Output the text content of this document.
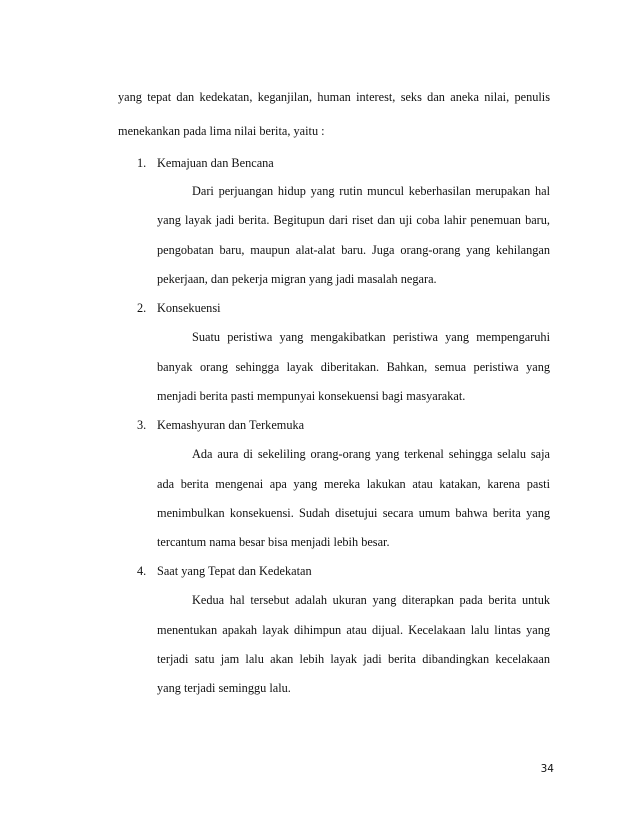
yang tepat dan kedekatan, keganjilan, human interest, seks dan aneka nilai, penulis
menekankan pada lima nilai berita, yaitu :
1. Kemajuan dan Bencana
Dari perjuangan hidup yang rutin muncul keberhasilan merupakan hal
yang layak jadi berita. Begitupun dari riset dan uji coba lahir penemuan baru,
pengobatan baru, maupun alat-alat baru. Juga orang-orang yang kehilangan
pekerjaan, dan pekerja migran yang jadi masalah negara.
2. Konsekuensi
Suatu peristiwa yang mengakibatkan peristiwa yang mempengaruhi
banyak orang sehingga layak diberitakan. Bahkan, semua peristiwa yang
menjadi berita pasti mempunyai konsekuensi bagi masyarakat.
3. Kemashyuran dan Terkemuka
Ada aura di sekeliling orang-orang yang terkenal sehingga selalu saja
ada berita mengenai apa yang mereka lakukan atau katakan, karena pasti
menimbulkan konsekuensi. Sudah disetujui secara umum bahwa berita yang
tercantum nama besar bisa menjadi lebih besar.
4. Saat yang Tepat dan Kedekatan
Kedua hal tersebut adalah ukuran yang diterapkan pada berita untuk
menentukan apakah layak dihimpun atau dijual. Kecelakaan lalu lintas yang
terjadi satu jam lalu akan lebih layak jadi berita dibandingkan kecelakaan
yang terjadi seminggu lalu.
34
